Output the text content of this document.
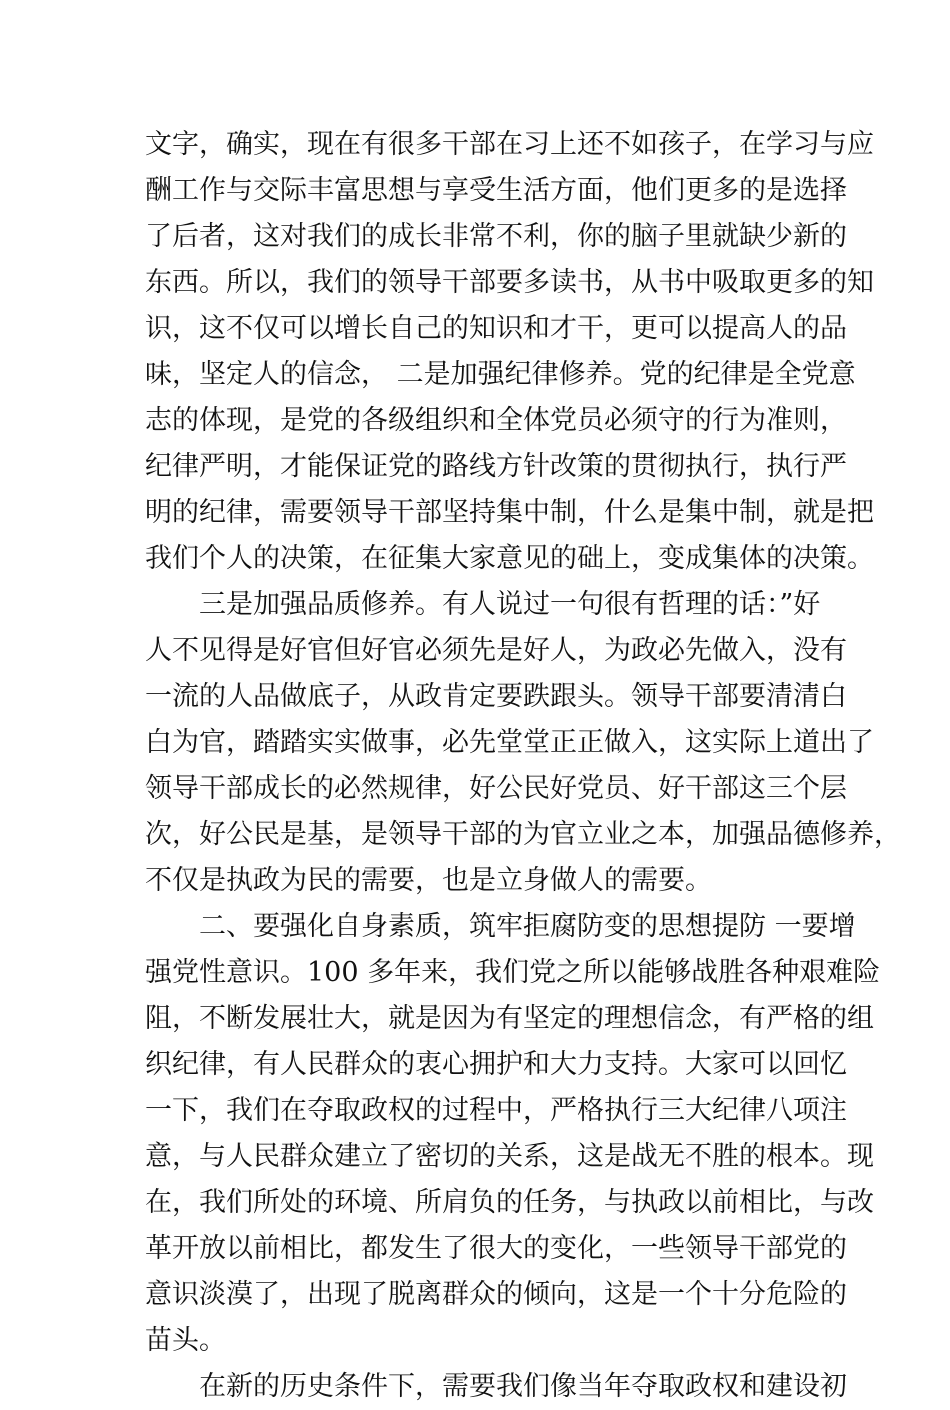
文字，确实，现在有很多干部在习上还不如孩子，在学习与应
酬工作与交际丰富思想与享受生活方面，他们更多的是选择
了后者，这对我们的成长非常不利，你的脑子里就缺少新的
东西。所以，我们的领导干部要多读书，从书中吸取更多的知
识，这不仅可以增长自己的知识和才干，更可以提高人的品
味，坚定人的信念， 二是加强纪律修养。党的纪律是全党意
志的体现，是党的各级组织和全体党员必须守的行为准则，
纪律严明，才能保证党的路线方针改策的贯彻执行，执行严
明的纪律，需要领导干部坚持集中制，什么是集中制，就是把
我们个人的决策，在征集大家意见的础上，变成集体的决策。
三是加强品质修养。有人说过一句很有哲理的话：”好
人不见得是好官但好官必须先是好人，为政必先做入，没有
一流的人品做底子，从政肯定要跌跟头。领导干部要清清白
白为官，踏踏实实做事，必先堂堂正正做入，这实际上道出了
领导干部成长的必然规律，好公民好党员、好干部这三个层
次，好公民是基，是领导干部的为官立业之本，加强品德修养，
不仅是执政为民的需要，也是立身做人的需要。
二、要强化自身素质，筑牢拒腐防变的思想提防 一要增
强党性意识。100 多年来，我们党之所以能够战胜各种艰难险
阻，不断发展壮大，就是因为有坚定的理想信念，有严格的组
织纪律，有人民群众的衷心拥护和大力支持。大家可以回忆
一下，我们在夺取政权的过程中，严格执行三大纪律八项注
意，与人民群众建立了密切的关系，这是战无不胜的根本。现
在，我们所处的环境、所肩负的任务，与执政以前相比，与改
革开放以前相比，都发生了很大的变化，一些领导干部党的
意识淡漠了，出现了脱离群众的倾向，这是一个十分危险的
苗头。
在新的历史条件下，需要我们像当年夺取政权和建设初
